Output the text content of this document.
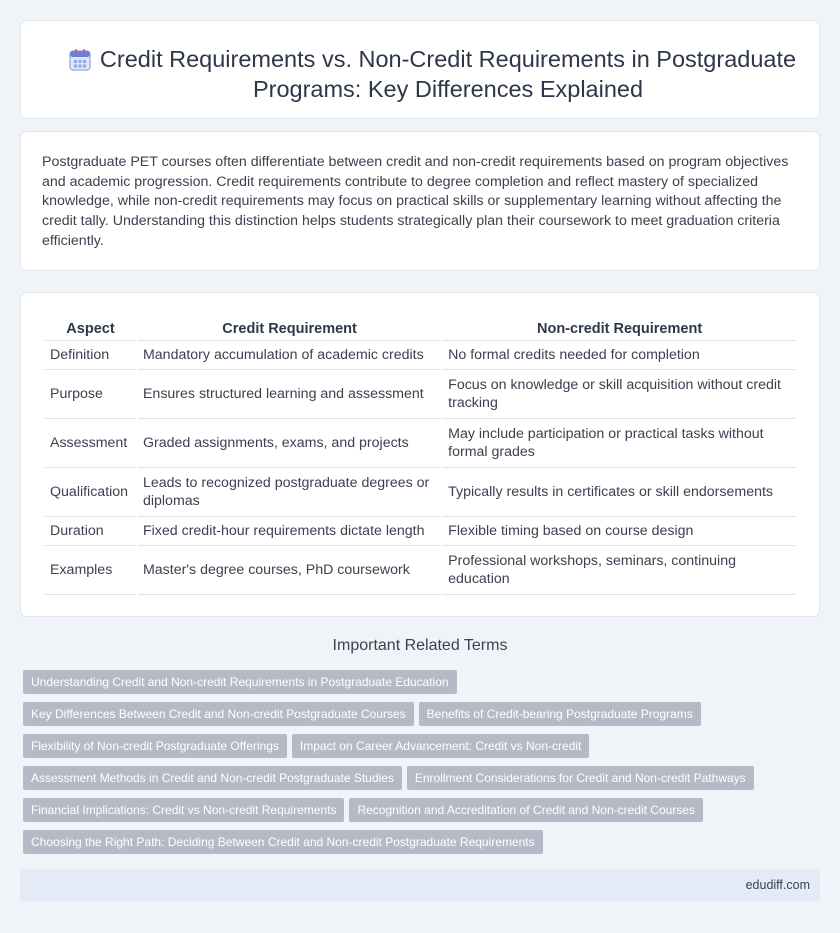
Credit Requirements vs. Non-Credit Requirements in Postgraduate Programs: Key Differences Explained

Postgraduate PET courses often differentiate between credit and non-credit requirements based on program objectives and academic progression. Credit requirements contribute to degree completion and reflect mastery of specialized knowledge, while non-credit requirements may focus on practical skills or supplementary learning without affecting the credit tally. Understanding this distinction helps students strategically plan their coursework to meet graduation criteria efficiently.

Aspect	Credit Requirement	Non-credit Requirement
Definition	Mandatory accumulation of academic credits	No formal credits needed for completion
Purpose	Ensures structured learning and assessment	Focus on knowledge or skill acquisition without credit tracking
Assessment	Graded assignments, exams, and projects	May include participation or practical tasks without formal grades
Qualification	Leads to recognized postgraduate degrees or diplomas	Typically results in certificates or skill endorsements
Duration	Fixed credit-hour requirements dictate length	Flexible timing based on course design
Examples	Master's degree courses, PhD coursework	Professional workshops, seminars, continuing education
Important Related Terms
Understanding Credit and Non-credit Requirements in Postgraduate Education
Key Differences Between Credit and Non-credit Postgraduate Courses Benefits of Credit-bearing Postgraduate Programs
Flexibility of Non-credit Postgraduate Offerings Impact on Career Advancement: Credit vs Non-credit
Assessment Methods in Credit and Non-credit Postgraduate Studies Enrollment Considerations for Credit and Non-credit Pathways
Financial Implications: Credit vs Non-credit Requirements Recognition and Accreditation of Credit and Non-credit Courses
Choosing the Right Path: Deciding Between Credit and Non-credit Postgraduate Requirements
edudiff.com
